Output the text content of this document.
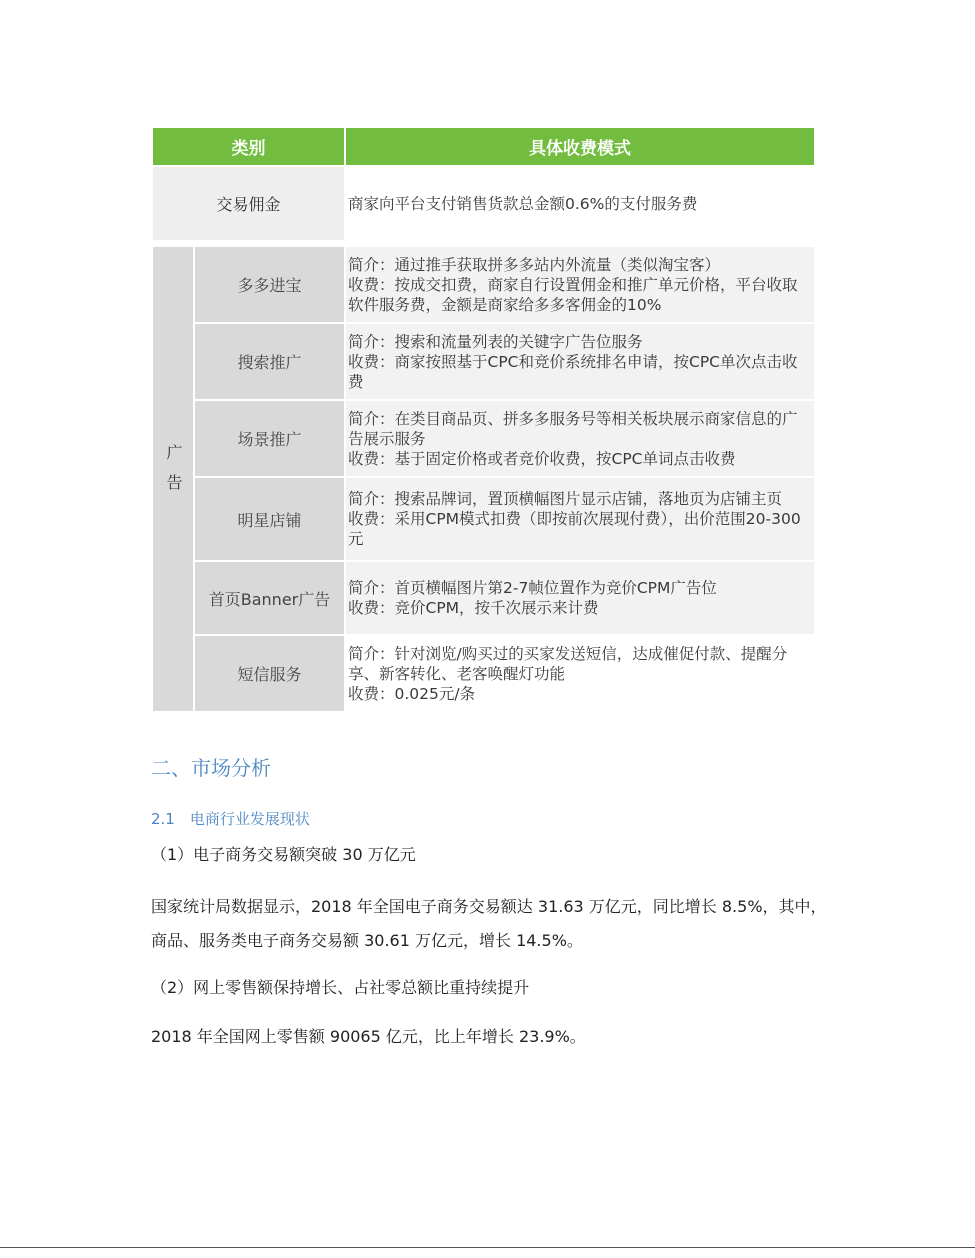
类别		具体收费模式
交易佣金		商家向平台支付销售货款总金额0.6%的支付服务费

广告	多多进宝	简介：通过推手获取拼多多站内外流量（类似淘宝客）
收费：按成交扣费，商家自行设置佣金和推广单元价格，平台收取软件服务费，金额是商家给多多客佣金的10%

	搜索推广	简介：搜索和流量列表的关键字广告位服务
收费：商家按照基于CPC和竞价系统排名申请，按CPC单次点击收费

	场景推广	简介：在类目商品页、拼多多服务号等相关板块展示商家信息的广告展示服务
收费：基于固定价格或者竞价收费，按CPC单词点击收费

	明星店铺	简介：搜索品牌词，置顶横幅图片显示店铺，落地页为店铺主页
收费：采用CPM模式扣费（即按前次展现付费），出价范围20-300元

	首页Banner广告	简介：首页横幅图片第2-7帧位置作为竞价CPM广告位
收费：竞价CPM，按千次展示来计费

	短信服务	简介：针对浏览/购买过的买家发送短信，达成催促付款、提醒分享、新客转化、老客唤醒灯功能
收费：0.025元/条
二、市场分析
2.1　电商行业发展现状
（1）电子商务交易额突破 30 万亿元
国家统计局数据显示，2018 年全国电子商务交易额达 31.63 万亿元，同比增长 8.5%，其中，商品、服务类电子商务交易额 30.61 万亿元，增长 14.5%。
（2）网上零售额保持增长、占社零总额比重持续提升
2018 年全国网上零售额 90065 亿元，比上年增长 23.9%。
